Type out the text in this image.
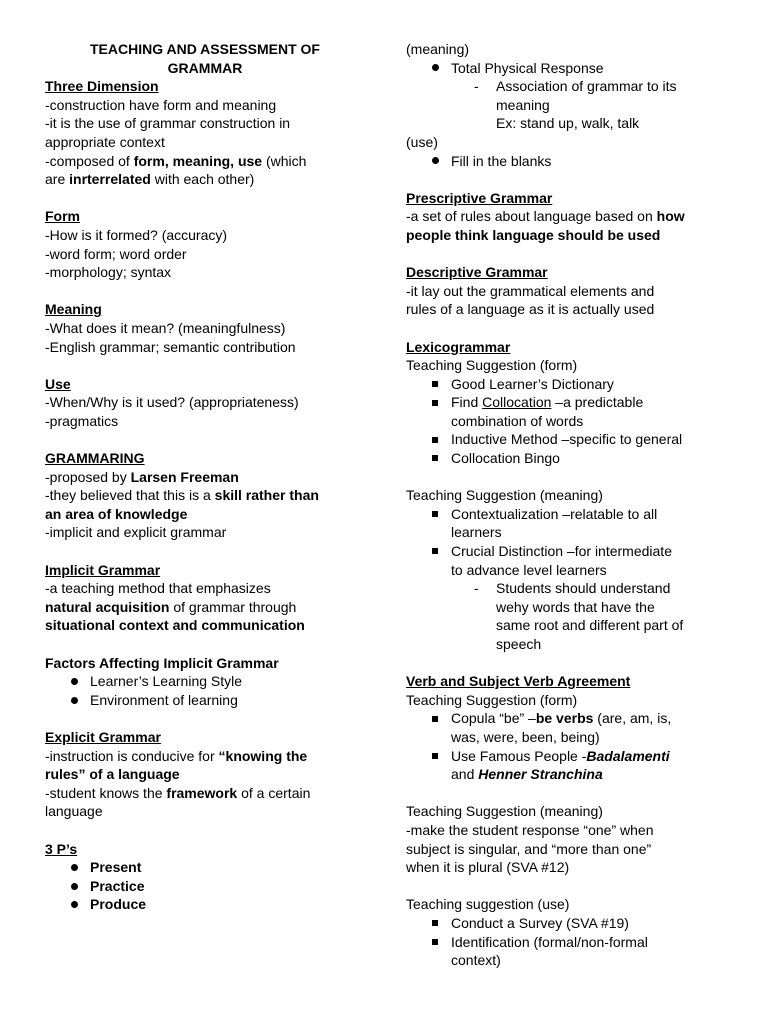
TEACHING AND ASSESSMENT OF
GRAMMAR
Three Dimension
-construction have form and meaning
-it is the use of grammar construction in
appropriate context
-composed of form, meaning, use (which
are inrterrelated with each other)
Form
-How is it formed? (accuracy)
-word form; word order
-morphology; syntax
Meaning
-What does it mean? (meaningfulness)
-English grammar; semantic contribution
Use
-When/Why is it used? (appropriateness)
-pragmatics
GRAMMARING
-proposed by Larsen Freeman
-they believed that this is a skill rather than
an area of knowledge
-implicit and explicit grammar
Implicit Grammar
-a teaching method that emphasizes
natural acquisition of grammar through
situational context and communication
Factors Affecting Implicit Grammar
Learner’s Learning Style
Environment of learning
Explicit Grammar
-instruction is conducive for “knowing the
rules” of a language
-student knows the framework of a certain
language
3 P’s
Present
Practice
Produce
(meaning)
Total Physical Response
- Association of grammar to its
meaning
Ex: stand up, walk, talk
(use)
Fill in the blanks
Prescriptive Grammar
-a set of rules about language based on how
people think language should be used
Descriptive Grammar
-it lay out the grammatical elements and
rules of a language as it is actually used
Lexicogrammar
Teaching Suggestion (form)
Good Learner’s Dictionary
Find Collocation –a predictable
combination of words
Inductive Method –specific to general
Collocation Bingo
Teaching Suggestion (meaning)
Contextualization –relatable to all
learners
Crucial Distinction –for intermediate
to advance level learners
- Students should understand
wehy words that have the
same root and different part of
speech
Verb and Subject Verb Agreement
Teaching Suggestion (form)
Copula “be” –be verbs (are, am, is,
was, were, been, being)
Use Famous People -Badalamenti
and Henner Stranchina
Teaching Suggestion (meaning)
-make the student response “one” when
subject is singular, and “more than one”
when it is plural (SVA #12)
Teaching suggestion (use)
Conduct a Survey (SVA #19)
Identification (formal/non-formal
context)
